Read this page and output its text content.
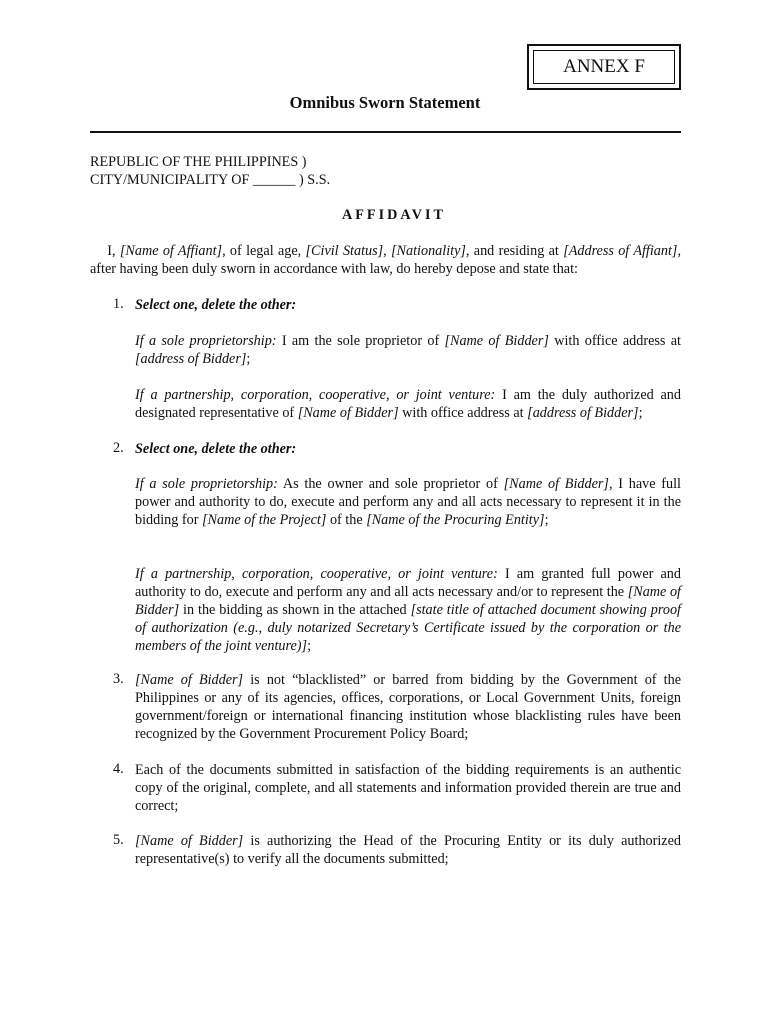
ANNEX F
Omnibus Sworn Statement
REPUBLIC OF THE PHILIPPINES )
CITY/MUNICIPALITY OF ______ ) S.S.
AFFIDAVIT
I, [Name of Affiant], of legal age, [Civil Status], [Nationality], and residing at [Address of Affiant], after having been duly sworn in accordance with law, do hereby depose and state that:
1. Select one, delete the other:
If a sole proprietorship: I am the sole proprietor of [Name of Bidder] with office address at [address of Bidder];
If a partnership, corporation, cooperative, or joint venture: I am the duly authorized and designated representative of [Name of Bidder] with office address at [address of Bidder];
2. Select one, delete the other:
If a sole proprietorship: As the owner and sole proprietor of [Name of Bidder], I have full power and authority to do, execute and perform any and all acts necessary to represent it in the bidding for [Name of the Project] of the [Name of the Procuring Entity];
If a partnership, corporation, cooperative, or joint venture: I am granted full power and authority to do, execute and perform any and all acts necessary and/or to represent the [Name of Bidder] in the bidding as shown in the attached [state title of attached document showing proof of authorization (e.g., duly notarized Secretary’s Certificate issued by the corporation or the members of the joint venture)];
3. [Name of Bidder] is not “blacklisted” or barred from bidding by the Government of the Philippines or any of its agencies, offices, corporations, or Local Government Units, foreign government/foreign or international financing institution whose blacklisting rules have been recognized by the Government Procurement Policy Board;
4. Each of the documents submitted in satisfaction of the bidding requirements is an authentic copy of the original, complete, and all statements and information provided therein are true and correct;
5. [Name of Bidder] is authorizing the Head of the Procuring Entity or its duly authorized representative(s) to verify all the documents submitted;
